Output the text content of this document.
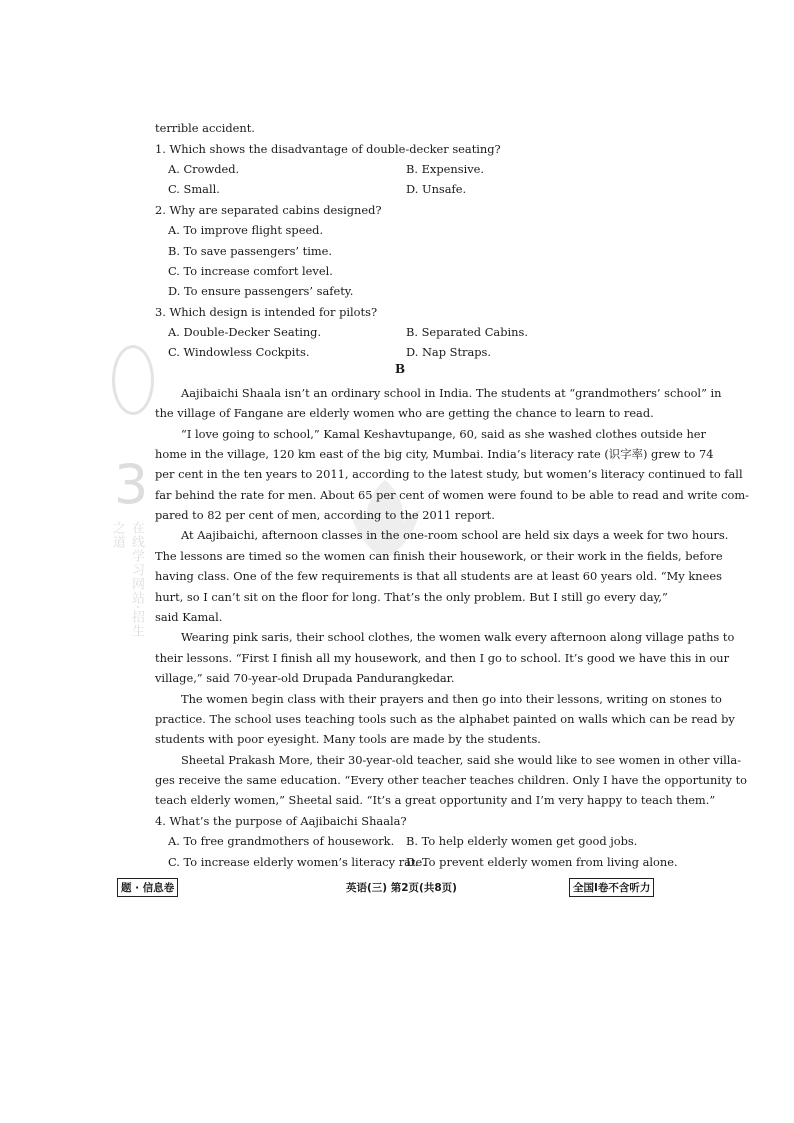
3
在线学习网站·招生之道
terrible accident.
1. Which shows the disadvantage of double-decker seating?
A. Crowded.	B. Expensive.
C. Small.	D. Unsafe.
2. Why are separated cabins designed?
A. To improve flight speed.
B. To save passengers’ time.
C. To increase comfort level.
D. To ensure passengers’ safety.
3. Which design is intended for pilots?
A. Double-Decker Seating.	B. Separated Cabins.
C. Windowless Cockpits.	D. Nap Straps.
B
Aajibaichi Shaala isn’t an ordinary school in India. The students at “grandmothers’ school” in
the village of Fangane are elderly women who are getting the chance to learn to read.
“I love going to school,” Kamal Keshavtupange, 60, said as she washed clothes outside her
home in the village, 120 km east of the big city, Mumbai. India’s literacy rate (识字率) grew to 74
per cent in the ten years to 2011, according to the latest study, but women’s literacy continued to fall
far behind the rate for men. About 65 per cent of women were found to be able to read and write com-
pared to 82 per cent of men, according to the 2011 report.
At Aajibaichi, afternoon classes in the one-room school are held six days a week for two hours.
The lessons are timed so the women can finish their housework, or their work in the fields, before
having class. One of the few requirements is that all students are at least 60 years old. “My knees
hurt, so I can’t sit on the floor for long. That’s the only problem. But I still go every day,”
said Kamal.
Wearing pink saris, their school clothes, the women walk every afternoon along village paths to
their lessons. “First I finish all my housework, and then I go to school. It’s good we have this in our
village,” said 70-year-old Drupada Pandurangkedar.
The women begin class with their prayers and then go into their lessons, writing on stones to
practice. The school uses teaching tools such as the alphabet painted on walls which can be read by
students with poor eyesight. Many tools are made by the students.
Sheetal Prakash More, their 30-year-old teacher, said she would like to see women in other villa-
ges receive the same education. “Every other teacher teaches children. Only I have the opportunity to
teach elderly women,” Sheetal said. “It’s a great opportunity and I’m very happy to teach them.”
4. What’s the purpose of Aajibaichi Shaala?
A. To free grandmothers of housework. B. To help elderly women get good jobs.
C. To increase elderly women’s literacy rate.
D. To prevent elderly women from living alone.
题 · 信息卷	英语(三) 第2页(共8页)	全国Ⅰ卷不含听力
